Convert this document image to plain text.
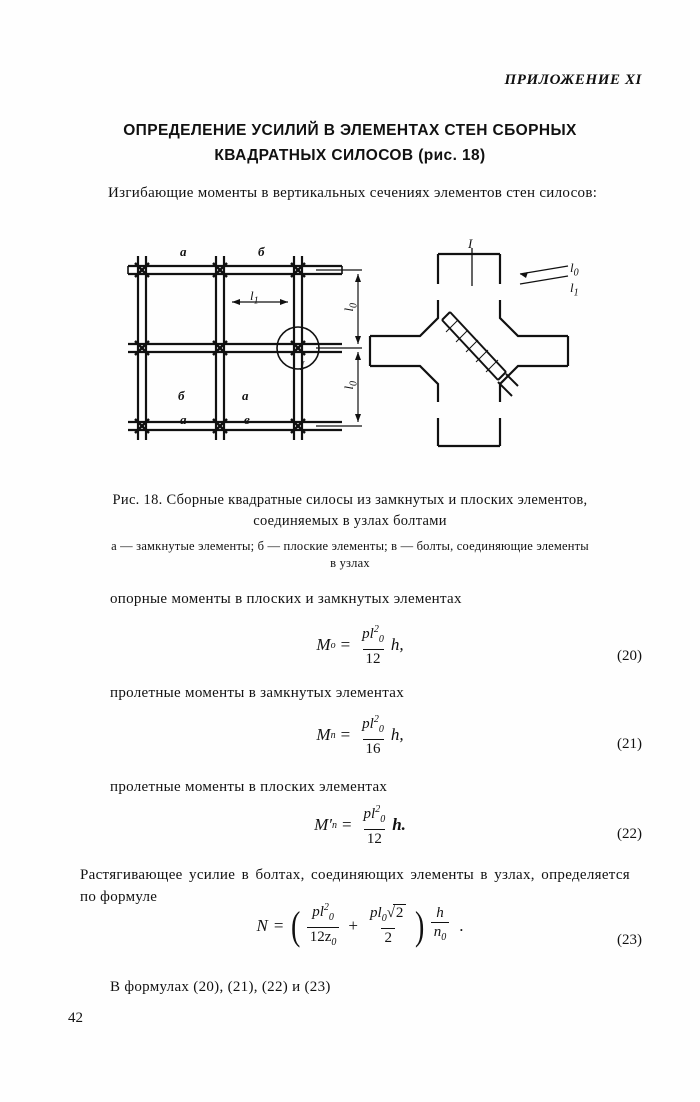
ПРИЛОЖЕНИЕ XI
ОПРЕДЕЛЕНИЕ УСИЛИЙ В ЭЛЕМЕНТАХ СТЕН СБОРНЫХ
КВАДРАТНЫХ СИЛОСОВ (рис. 18)
Изгибающие моменты в вертикальных сечениях элементов стен силосов:
а	б
б
а
а
в
$l_1$
$l_0$
$l_0$
I
I
$l_0$
$l_1$
Рис. 18. Сборные квадратные силосы из замкнутых и плоских элементов, соединяемых в узлах болтами
а — замкнутые элементы; б — плоские элементы; в — болты, соединяющие элементы в узлах
опорные моменты в плоских и замкнутых элементах
M $о = \frac{pl^2_0}{12} h$,
(20)
пролетные моменты в замкнутых элементах
M $п = \frac{pl^2_0}{16} h$,	(21)
пролетные моменты в плоских элементах
M′ $п = \frac{pl^2_0}{12} h$.	(22)
Растягивающее усилие в болтах, соединяющих элементы в узлах, определяется по формуле
N = ( $\frac{pl^2_0}{12z_0} + \frac{pl_0√2}{2}$ ) $\frac{h}{n_0}$ .
(23)
В формулах (20), (21), (22) и (23)
42
